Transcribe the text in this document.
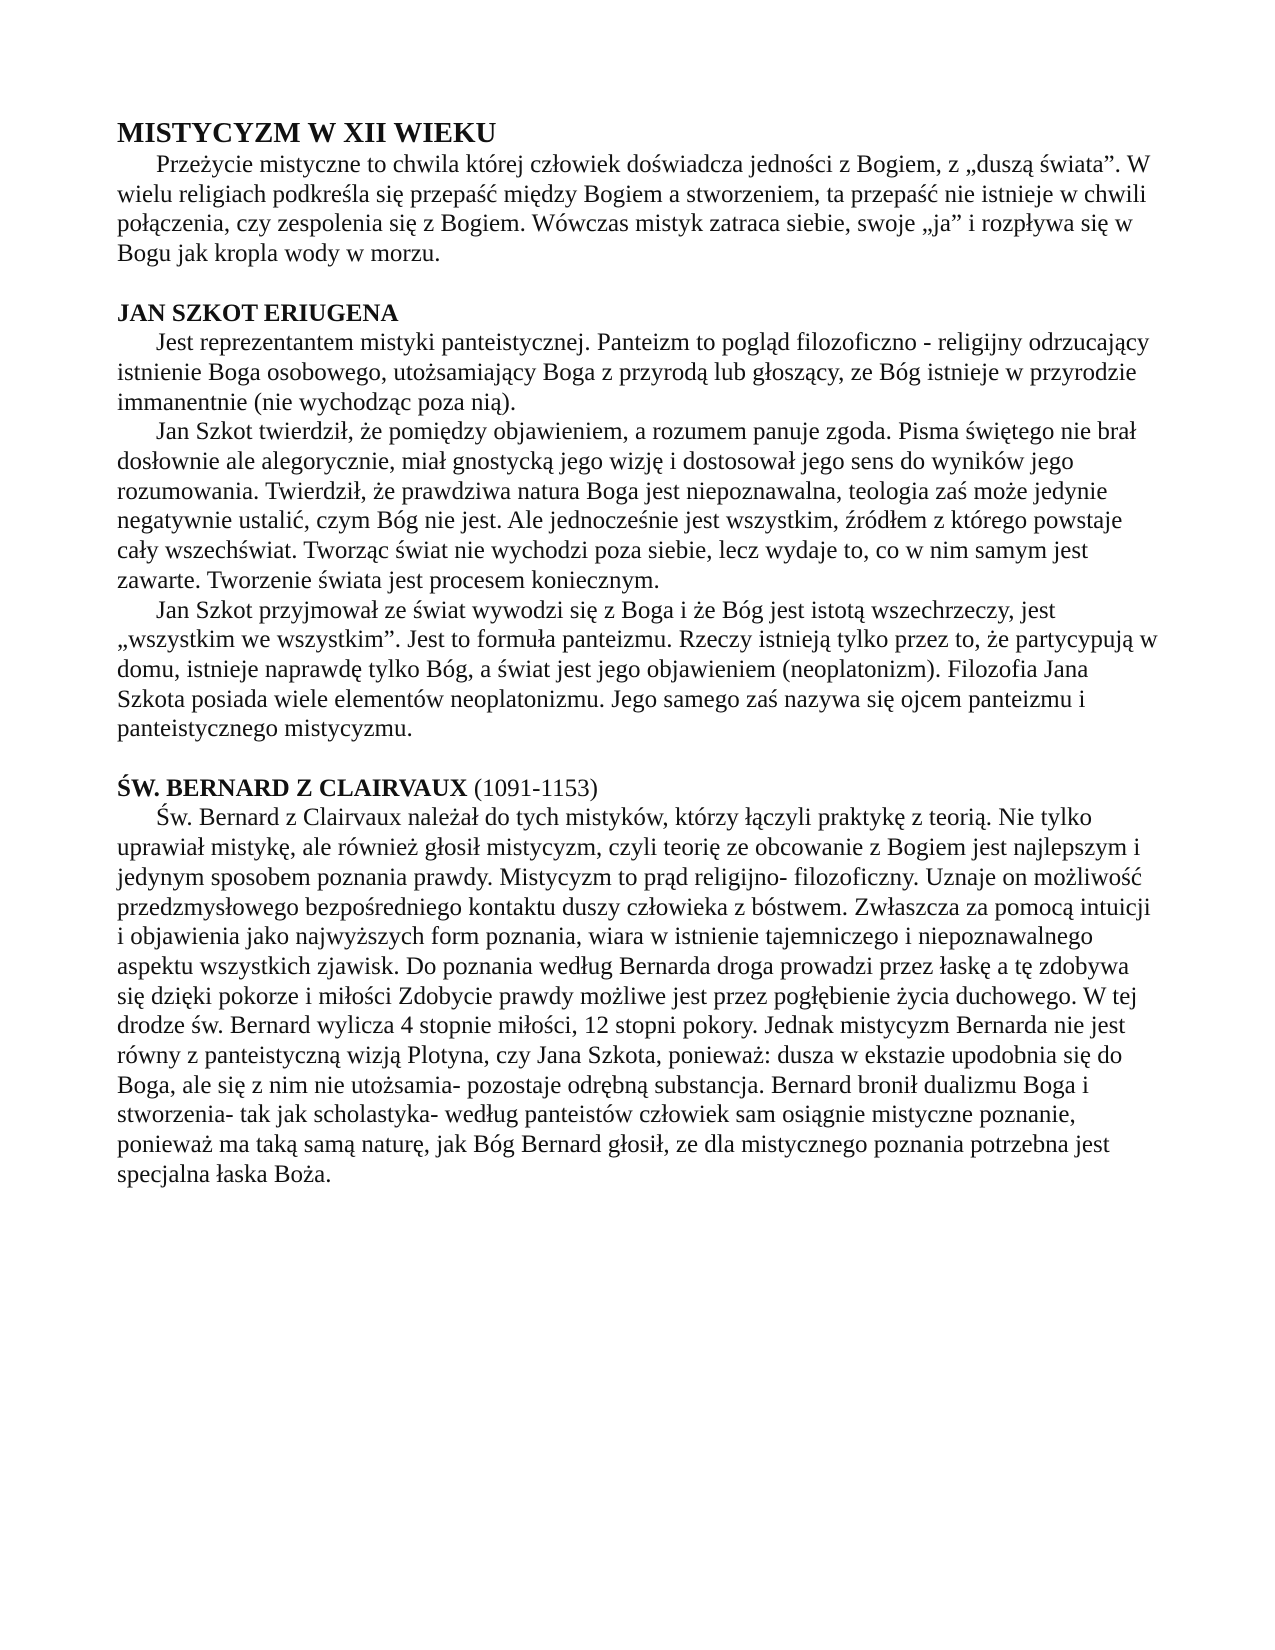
MISTYCYZM W XII WIEKU

Przeżycie mistyczne to chwila której człowiek doświadcza jedności z Bogiem, z „duszą świata”. W wielu religiach podkreśla się przepaść między Bogiem a stworzeniem, ta przepaść nie istnieje w chwili połączenia, czy zespolenia się z Bogiem. Wówczas mistyk zatraca siebie, swoje „ja” i rozpływa się w Bogu jak kropla wody w morzu.

JAN SZKOT ERIUGENA

Jest reprezentantem mistyki panteistycznej. Panteizm to pogląd filozoficzno - religijny odrzucający istnienie Boga osobowego, utożsamiający Boga z przyrodą lub głoszący, ze Bóg istnieje w przyrodzie immanentnie (nie wychodząc poza nią).

Jan Szkot twierdził, że pomiędzy objawieniem, a rozumem panuje zgoda. Pisma świętego nie brał dosłownie ale alegorycznie, miał gnostycką jego wizję i dostosował jego sens do wyników jego rozumowania. Twierdził, że prawdziwa natura Boga jest niepoznawalna, teologia zaś może jedynie negatywnie ustalić, czym Bóg nie jest. Ale jednocześnie jest wszystkim, źródłem z którego powstaje cały wszechświat. Tworząc świat nie wychodzi poza siebie, lecz wydaje to, co w nim samym jest zawarte. Tworzenie świata jest procesem koniecznym.

Jan Szkot przyjmował ze świat wywodzi się z Boga i że Bóg jest istotą wszechrzeczy, jest „wszystkim we wszystkim”. Jest to formuła panteizmu. Rzeczy istnieją tylko przez to, że partycypują w domu, istnieje naprawdę tylko Bóg, a świat jest jego objawieniem (neoplatonizm). Filozofia Jana Szkota posiada wiele elementów neoplatonizmu. Jego samego zaś nazywa się ojcem panteizmu i panteistycznego mistycyzmu.

ŚW. BERNARD Z CLAIRVAUX (1091-1153)

Św. Bernard z Clairvaux należał do tych mistyków, którzy łączyli praktykę z teorią. Nie tylko uprawiał mistykę, ale również głosił mistycyzm, czyli teorię ze obcowanie z Bogiem jest najlepszym i jedynym sposobem poznania prawdy. Mistycyzm to prąd religijno- filozoficzny. Uznaje on możliwość przedzmysłowego bezpośredniego kontaktu duszy człowieka z bóstwem. Zwłaszcza za pomocą intuicji i objawienia jako najwyższych form poznania, wiara w istnienie tajemniczego i niepoznawalnego aspektu wszystkich zjawisk. Do poznania według Bernarda droga prowadzi przez łaskę a tę zdobywa się dzięki pokorze i miłości Zdobycie prawdy możliwe jest przez pogłębienie życia duchowego. W tej drodze św. Bernard wylicza 4 stopnie miłości, 12 stopni pokory. Jednak mistycyzm Bernarda nie jest równy z panteistyczną wizją Plotyna, czy Jana Szkota, ponieważ: dusza w ekstazie upodobnia się do Boga, ale się z nim nie utożsamia- pozostaje odrębną substancja. Bernard bronił dualizmu Boga i stworzenia- tak jak scholastyka- według panteistów człowiek sam osiągnie mistyczne poznanie, ponieważ ma taką samą naturę, jak Bóg Bernard głosił, ze dla mistycznego poznania potrzebna jest specjalna łaska Boża.
